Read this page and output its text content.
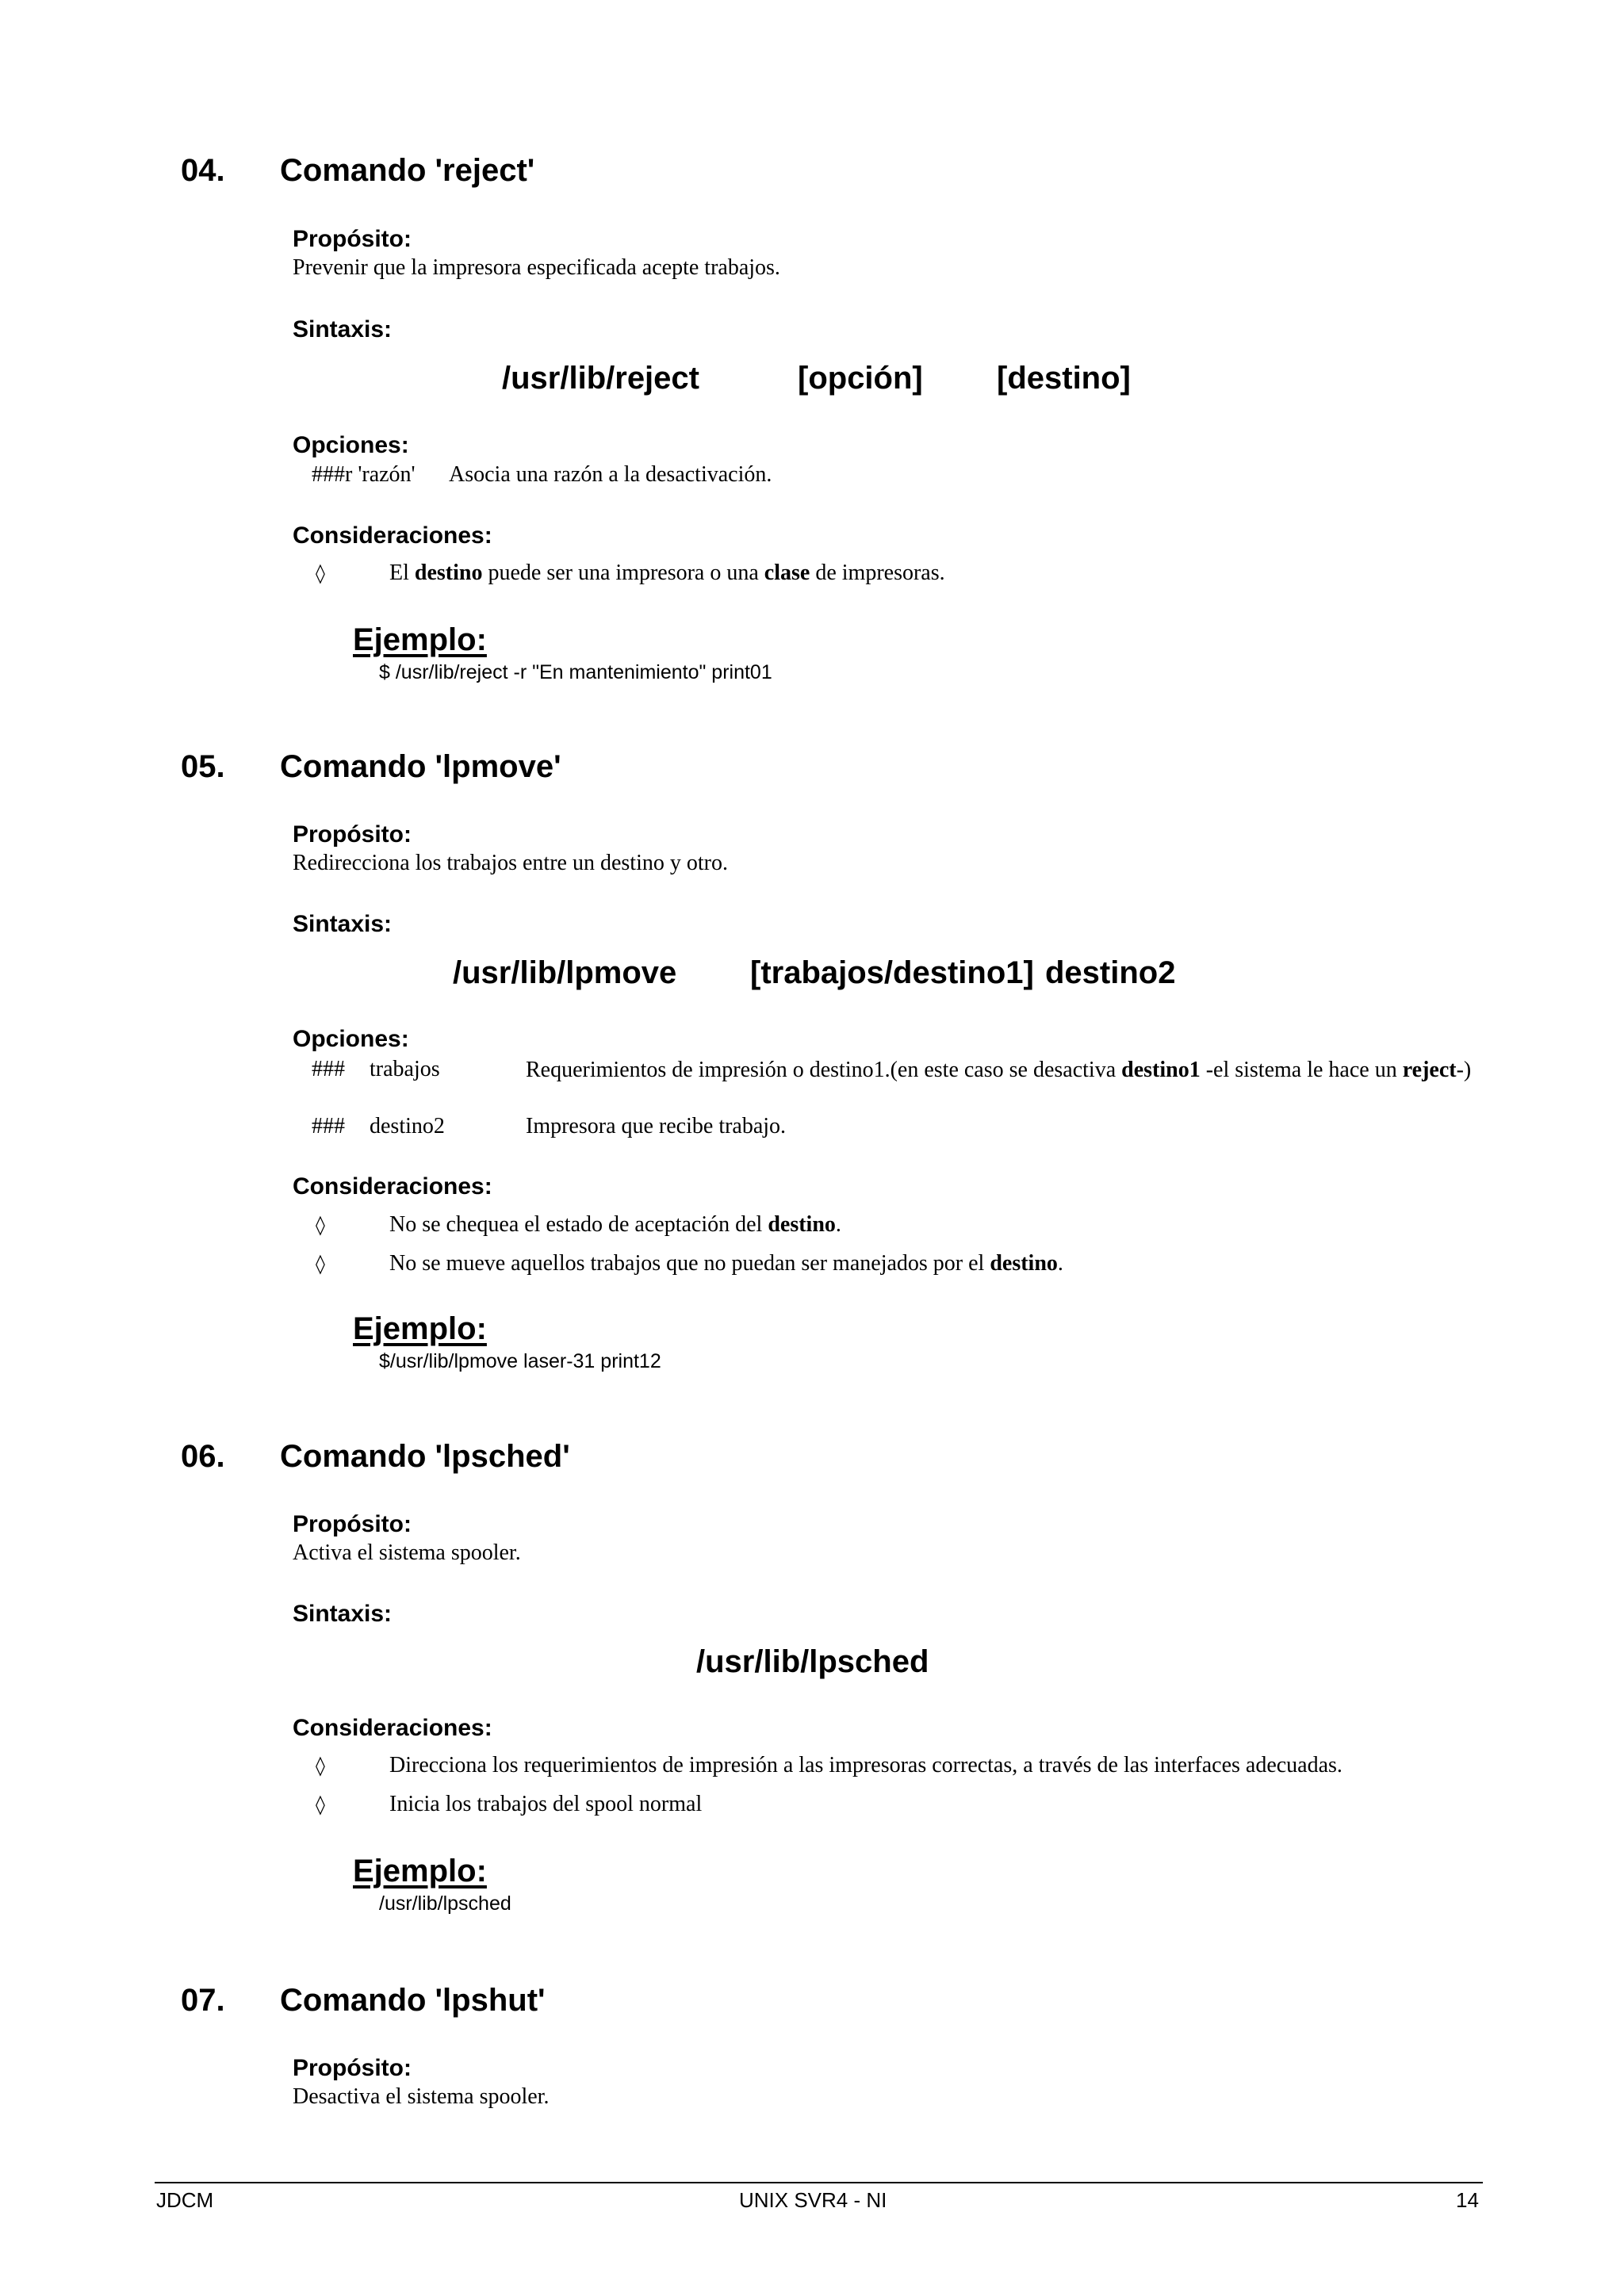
04. Comando 'reject'
Propósito:
Prevenir que la impresora especificada acepte trabajos.
Sintaxis:
/usr/lib/reject	[opción] [destino]
Opciones:
###r 'razón' Asocia una razón a la desactivación.
Consideraciones:
◊	El destino puede ser una impresora o una clase de impresoras.
Ejemplo:
$ /usr/lib/reject -r "En mantenimiento" print01
05. Comando 'lpmove'
Propósito:
Redirecciona los trabajos entre un destino y otro.
Sintaxis:
/usr/lib/lpmove [trabajos/destino1] destino2
Opciones:
### trabajos	Requerimientos de impresión o destino1.(en este caso se desactiva destino1 -el sistema le hace un reject-)
### destino2	Impresora que recibe trabajo.
Consideraciones:
◊	No se chequea el estado de aceptación del destino.
◊	No se mueve aquellos trabajos que no puedan ser manejados por el destino.
Ejemplo:
$/usr/lib/lpmove laser-31 print12
06. Comando 'lpsched'
Propósito:
Activa el sistema spooler.
Sintaxis:
/usr/lib/lpsched
Consideraciones:
◊	Direcciona los requerimientos de impresión a las impresoras correctas, a través de las interfaces adecuadas.
◊	Inicia los trabajos del spool normal
Ejemplo:
/usr/lib/lpsched
07. Comando 'lpshut'
Propósito:
Desactiva el sistema spooler.
JDCM	UNIX SVR4 - NI	14
